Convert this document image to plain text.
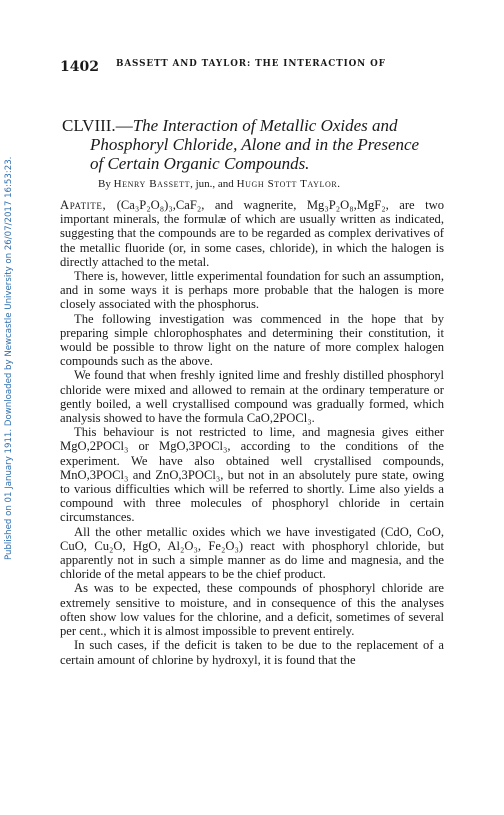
Published on 01 January 1911. Downloaded by Newcastle University on 26/07/2017 16:53:23.
1402 BASSETT AND TAYLOR: THE INTERACTION OF
CLVIII.—The Interaction of Metallic Oxides and
Phosphoryl Chloride, Alone and in the Presence
of Certain Organic Compounds.
By Henry Bassett, jun., and Hugh Stott Taylor.

Apatite, (Ca₃P₂O₈)₃,CaF₂, and wagnerite, Mg₃P₂O₈,MgF₂, are two important minerals, the formulæ of which are usually written as indicated, suggesting that the compounds are to be regarded as complex derivatives of the metallic fluoride (or, in some cases, chloride), in which the halogen is directly attached to the metal.

There is, however, little experimental foundation for such an assumption, and in some ways it is perhaps more probable that the halogen is more closely associated with the phosphorus.

The following investigation was commenced in the hope that by preparing simple chlorophosphates and determining their constitution, it would be possible to throw light on the nature of more complex halogen compounds such as the above.

We found that when freshly ignited lime and freshly distilled phosphoryl chloride were mixed and allowed to remain at the ordinary temperature or gently boiled, a well crystallised compound was gradually formed, which analysis showed to have the formula CaO,2POCl₃.

This behaviour is not restricted to lime, and magnesia gives either MgO,2POCl₃ or MgO,3POCl₃, according to the conditions of the experiment. We have also obtained well crystallised compounds, MnO,3POCl₃ and ZnO,3POCl₃, but not in an absolutely pure state, owing to various difficulties which will be referred to shortly. Lime also yields a compound with three molecules of phosphoryl chloride in certain circumstances.

All the other metallic oxides which we have investigated (CdO, CoO, CuO, Cu₂O, HgO, Al₂O₃, Fe₂O₃) react with phosphoryl chloride, but apparently not in such a simple manner as do lime and magnesia, and the chloride of the metal appears to be the chief product.

As was to be expected, these compounds of phosphoryl chloride are extremely sensitive to moisture, and in consequence of this the analyses often show low values for the chlorine, and a deficit, sometimes of several per cent., which it is almost impossible to prevent entirely.

In such cases, if the deficit is taken to be due to the replacement of a certain amount of chlorine by hydroxyl, it is found that the
